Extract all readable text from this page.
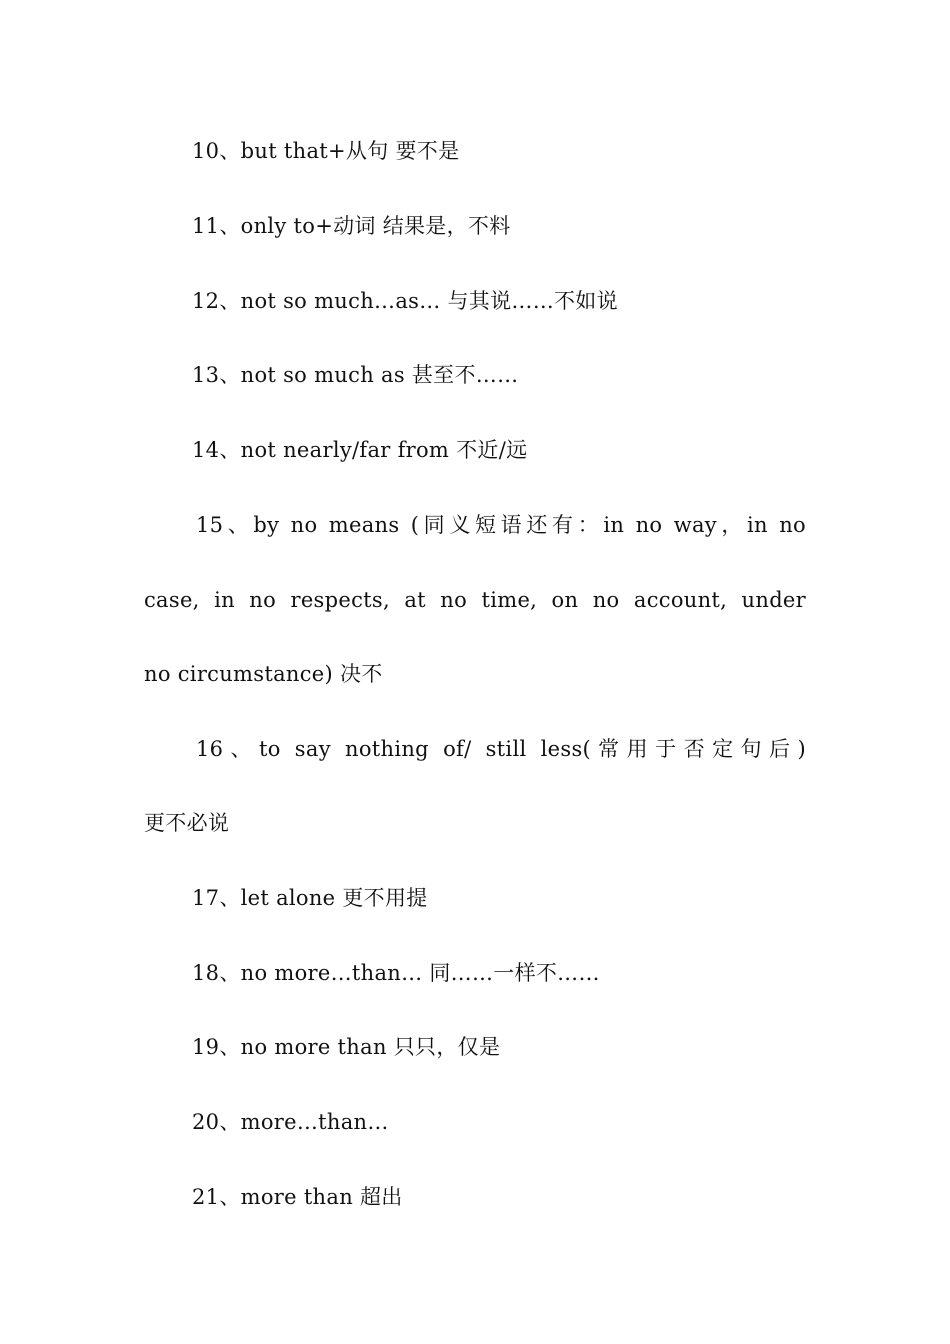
10、but that+从句 要不是
11、only to+动词 结果是，不料
12、not so much…as… 与其说……不如说
13、not so much as 甚至不……
14、not nearly/far from 不近/远
15、by no means (同义短语还有：in no way，in no
case, in no respects, at no time, on no account, under
no circumstance) 决不
16、to say nothing of/ still less(常用于否定句后)
更不必说
17、let alone 更不用提
18、no more…than… 同……一样不……
19、no more than 只只，仅是
20、more…than…
21、more than 超出
